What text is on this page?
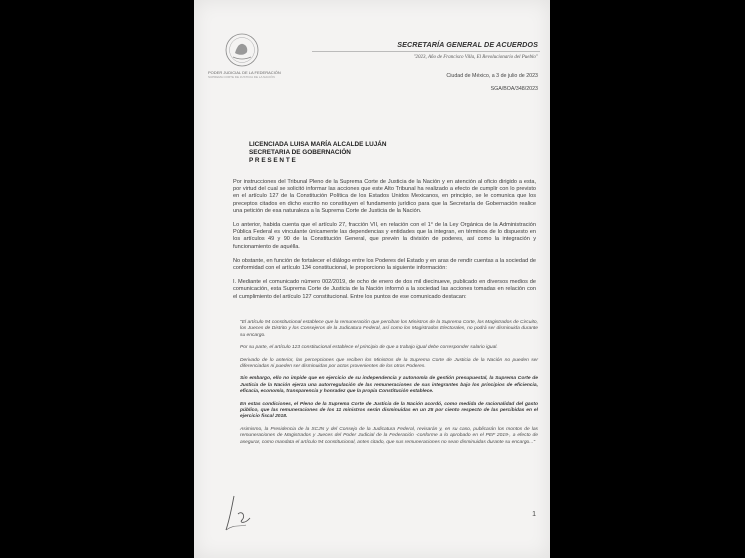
PODER JUDICIAL DE LA FEDERACIÓN
SUPREMA CORTE DE JUSTICIA DE LA NACIÓN
SECRETARÍA GENERAL DE ACUERDOS
"2023, Año de Francisco Villa, El Revolucionario del Pueblo"
Ciudad de México, a 3 de julio de 2023
SGA/BOA/348/2023
LICENCIADA LUISA MARÍA ALCALDE LUJÁN
SECRETARIA DE GOBERNACIÓN
P R E S E N T E

Por instrucciones del Tribunal Pleno de la Suprema Corte de Justicia de la Nación y en atención al oficio dirigido a esta, por virtud del cual se solicitó informar las acciones que este Alto Tribunal ha realizado a efecto de cumplir con lo previsto en el artículo 127 de la Constitución Política de los Estados Unidos Mexicanos, en principio, se le comunica que los preceptos citados en dicho escrito no constituyen el fundamento jurídico para que la Secretaría de Gobernación realice una petición de esa naturaleza a la Suprema Corte de Justicia de la Nación.

Lo anterior, habida cuenta que el artículo 27, fracción VII, en relación con el 1° de la Ley Orgánica de la Administración Pública Federal es vinculante únicamente las dependencias y entidades que la integran, en términos de lo dispuesto en los artículos 49 y 90 de la Constitución General, que prevén la división de poderes, así como la integración y funcionamiento de aquélla.

No obstante, en función de fortalecer el diálogo entre los Poderes del Estado y en aras de rendir cuentas a la sociedad de conformidad con el artículo 134 constitucional, le proporciono la siguiente información:

I. Mediante el comunicado número 002/2019, de ocho de enero de dos mil diecinueve, publicado en diversos medios de comunicación, esta Suprema Corte de Justicia de la Nación informó a la sociedad las acciones tomadas en relación con el cumplimiento del artículo 127 constitucional. Entre los puntos de ese comunicado destacan:

"El artículo 94 constitucional establece que la remuneración que perciban los Ministros de la Suprema Corte, los Magistrados de Circuito, los Jueces de Distrito y los Consejeros de la Judicatura Federal, así como los Magistrados Electorales, no podrá ser disminuida durante su encargo.

Por su parte, el artículo 123 constitucional establece el principio de que a trabajo igual debe corresponder salario igual.

Derivado de lo anterior, las percepciones que reciben los Ministros de la Suprema Corte de Justicia de la Nación no pueden ser diferenciadas ni pueden ser disminuidas por actos provenientes de los otros Poderes.

Sin embargo, ello no impide que en ejercicio de su independencia y autonomía de gestión presupuestal, la Suprema Corte de Justicia de la Nación ejerza una autorregulación de las remuneraciones de sus integrantes bajo los principios de eficiencia, eficacia, economía, transparencia y honradez que la propia Constitución establece.

En estas condiciones, el Pleno de la Suprema Corte de Justicia de la Nación acordó, como medida de racionalidad del gasto público, que las remuneraciones de los 11 ministros serán disminuidas en un 25 por ciento respecto de las percibidas en el ejercicio fiscal 2018.

Asimismo, la Presidencia de la SCJN y del Consejo de la Judicatura Federal, revisarán y, en su caso, publicarán los montos de las remuneraciones de Magistrados y Jueces del Poder Judicial de la Federación -conforme a lo aprobado en el PEF 2019-, a efecto de asegurar, como mandata el artículo 94 constitucional, antes citado, que sus remuneraciones no sean disminuidas durante su encargo..."

1
